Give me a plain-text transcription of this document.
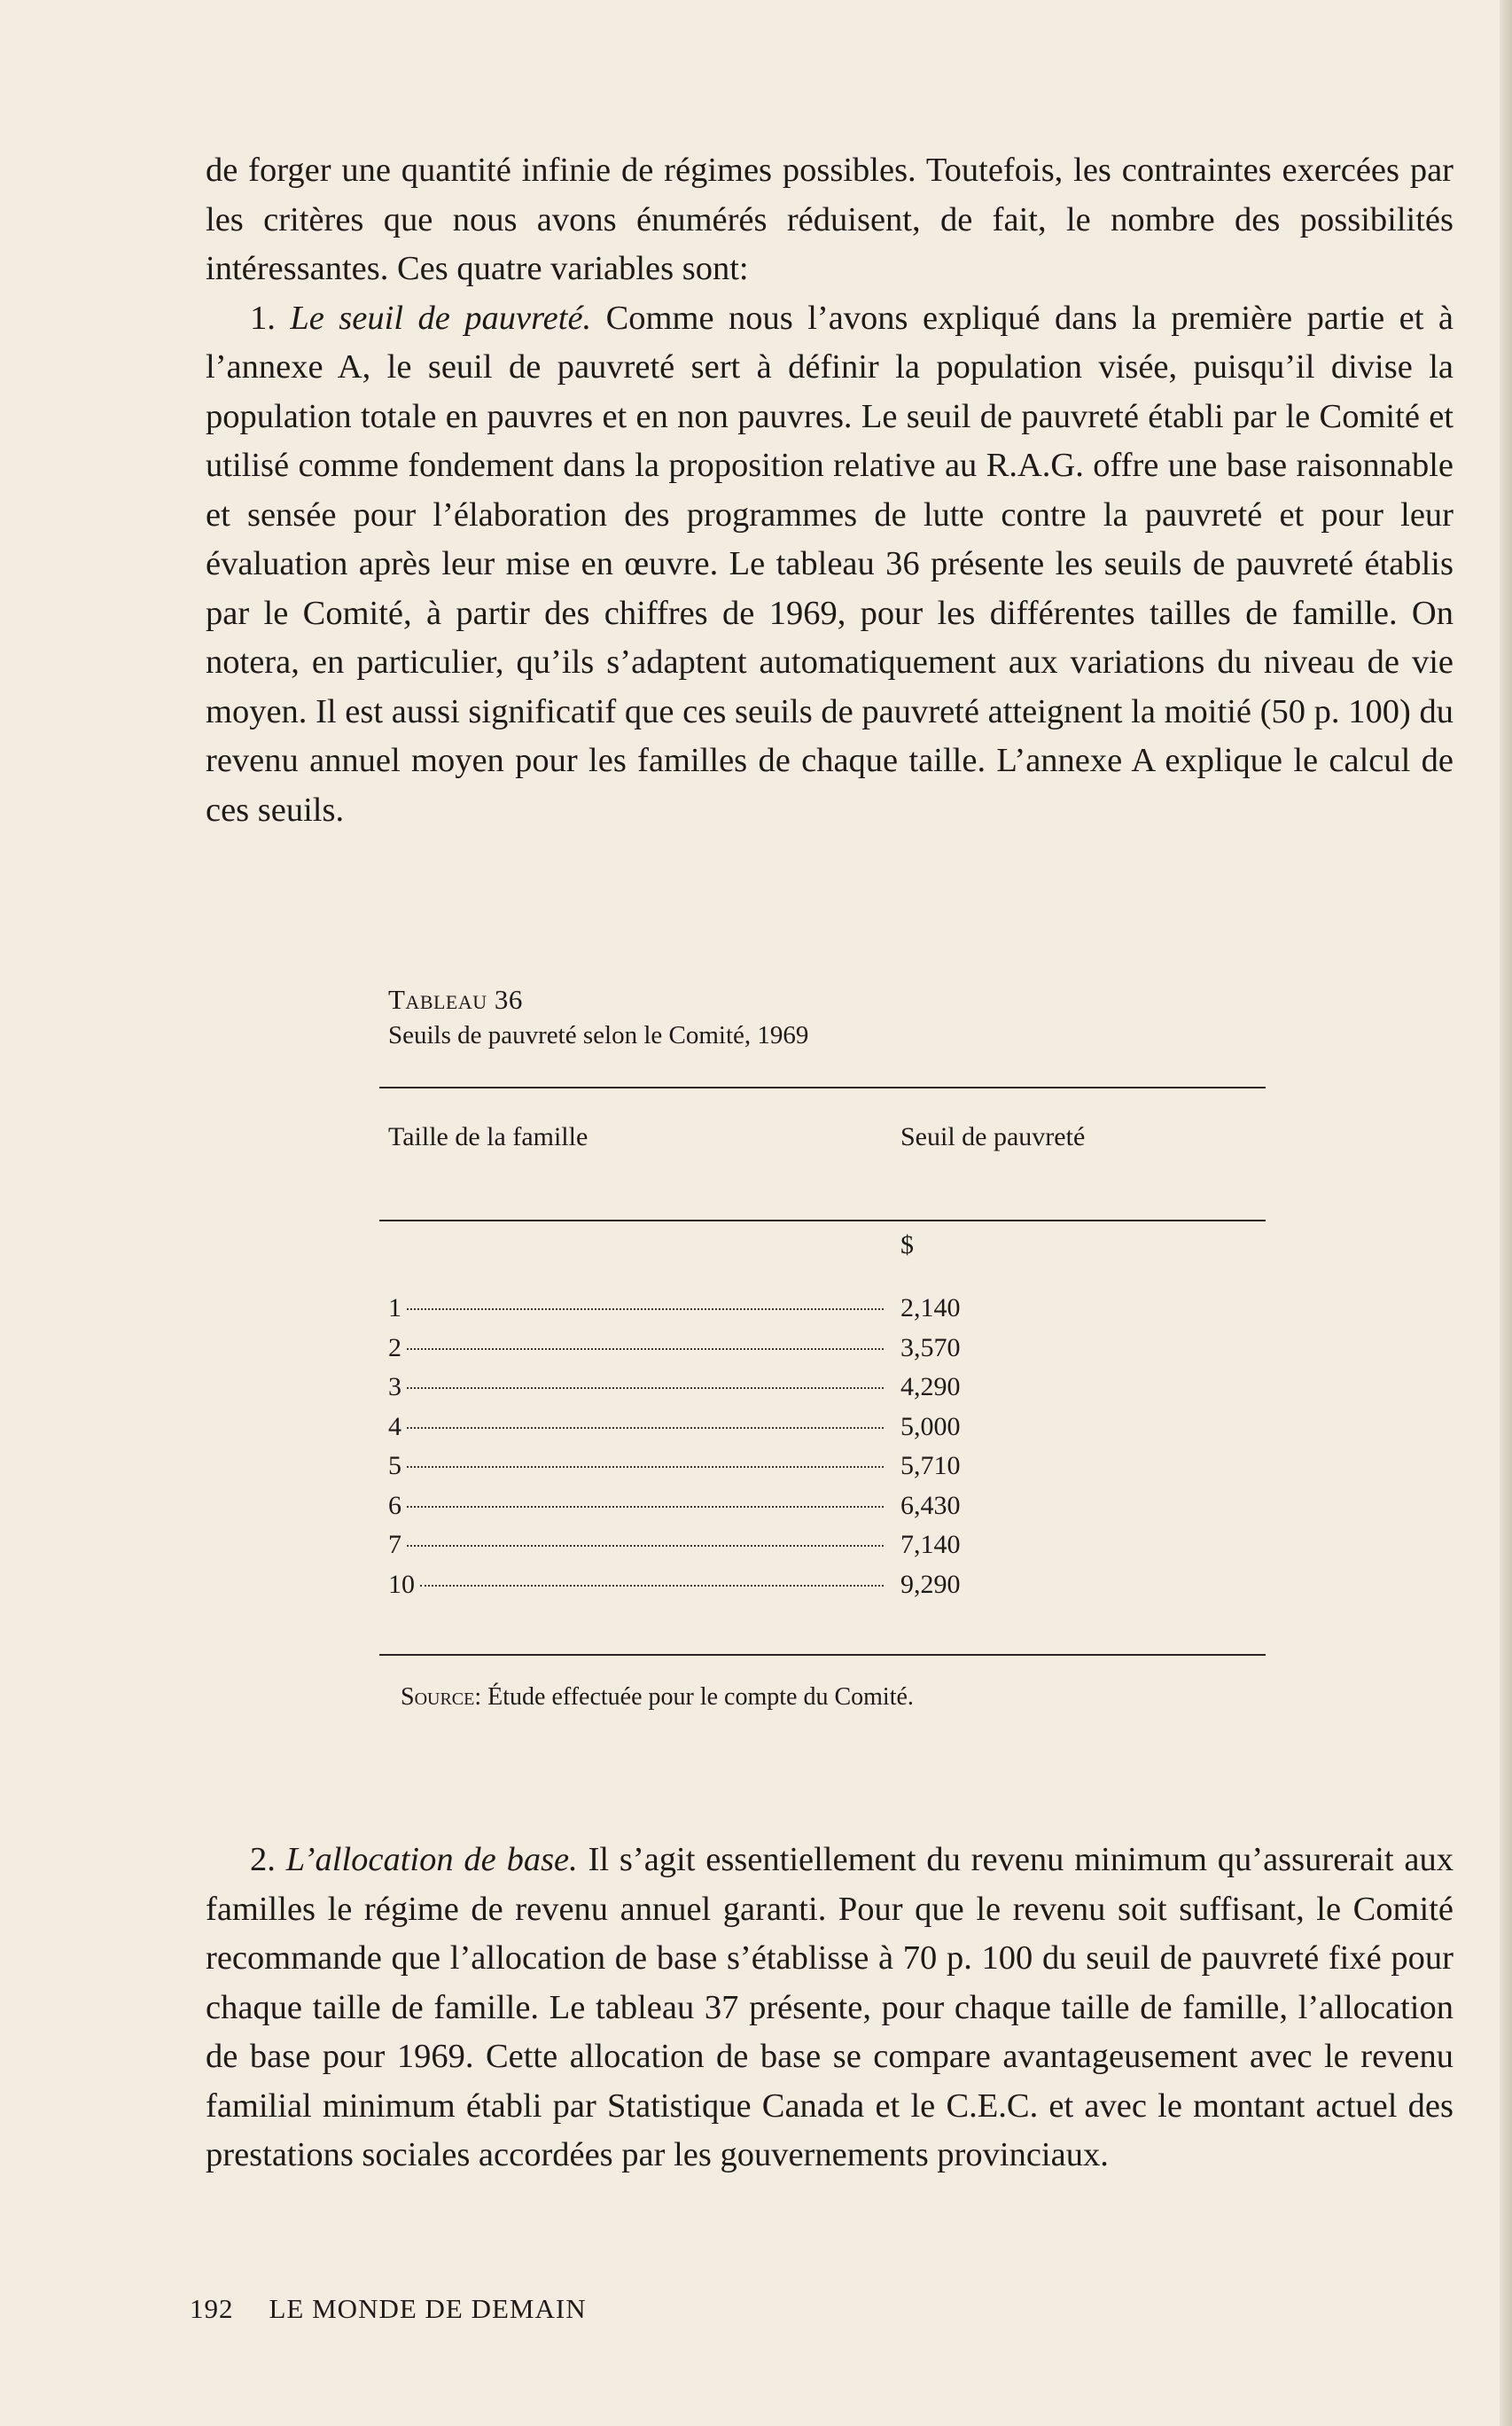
de forger une quantité infinie de régimes possibles. Toutefois, les contraintes exercées par les critères que nous avons énumérés réduisent, de fait, le nombre des possibilités intéressantes. Ces quatre variables sont:

1. Le seuil de pauvreté. Comme nous l’avons expliqué dans la première partie et à l’annexe A, le seuil de pauvreté sert à définir la population visée, puisqu’il divise la population totale en pauvres et en non pauvres. Le seuil de pauvreté établi par le Comité et utilisé comme fondement dans la proposition relative au R.A.G. offre une base raisonnable et sensée pour l’élaboration des programmes de lutte contre la pauvreté et pour leur évaluation après leur mise en œuvre. Le tableau 36 présente les seuils de pauvreté établis par le Comité, à partir des chiffres de 1969, pour les différentes tailles de famille. On notera, en particulier, qu’ils s’adaptent automatiquement aux variations du niveau de vie moyen. Il est aussi significatif que ces seuils de pauvreté atteignent la moitié (50 p. 100) du revenu annuel moyen pour les familles de chaque taille. L’annexe A explique le calcul de ces seuils.

Tableau 36
Seuils de pauvreté selon le Comité, 1969
Taille de la famille	Seuil de pauvreté
$
1	2,140
2	3,570
3	4,290
4	5,000
5	5,710
6	6,430
7	7,140
10	9,290
Source: Étude effectuée pour le compte du Comité.

2. L’allocation de base. Il s’agit essentiellement du revenu minimum qu’assurerait aux familles le régime de revenu annuel garanti. Pour que le revenu soit suffisant, le Comité recommande que l’allocation de base s’établisse à 70 p. 100 du seuil de pauvreté fixé pour chaque taille de famille. Le tableau 37 présente, pour chaque taille de famille, l’allocation de base pour 1969. Cette allocation de base se compare avantageusement avec le revenu familial minimum établi par Statistique Canada et le C.E.C. et avec le montant actuel des prestations sociales accordées par les gouvernements provinciaux.

192 LE MONDE DE DEMAIN
